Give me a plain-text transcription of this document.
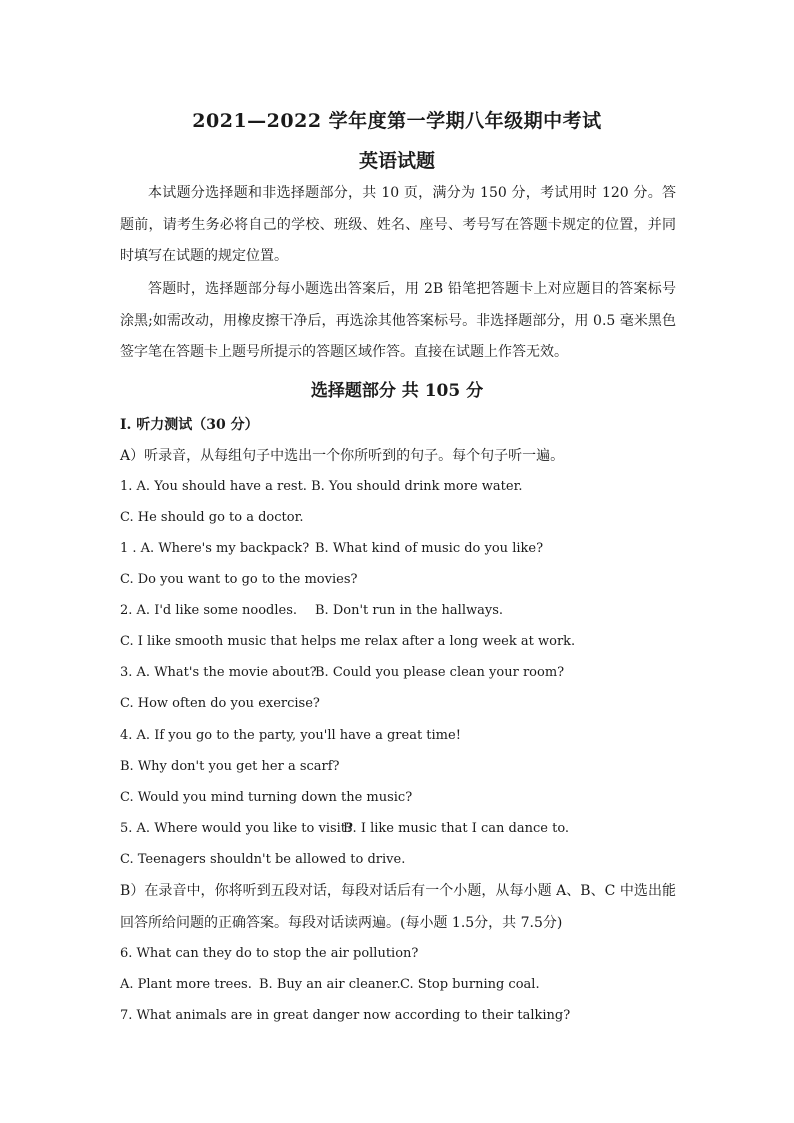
2021—2022 学年度第一学期八年级期中考试
英语试题
本试题分选择题和非选择题部分，共 10 页，满分为 150 分，考试用时 120 分。答题前，请考生务必将自己的学校、班级、姓名、座号、考号写在答题卡规定的位置，并同时填写在试题的规定位置。
答题时，选择题部分每小题选出答案后，用 2B 铅笔把答题卡上对应题目的答案标号涂黑;如需改动，用橡皮擦干净后，再选涂其他答案标号。非选择题部分，用 0.5 毫米黑色签字笔在答题卡上题号所提示的答题区域作答。直接在试题上作答无效。
选择题部分 共 105 分
I. 听力测试（30 分）
A）听录音，从每组句子中选出一个你所听到的句子。每个句子听一遍。
1. A. You should have a rest. B. You should drink more water.
C. He should go to a doctor.
1 . A. Where's my backpack? B. What kind of music do you like?
C. Do you want to go to the movies?
2. A. I'd like some noodles. B. Don't run in the hallways.
C. I like smooth music that helps me relax after a long week at work.
3. A. What's the movie about?
B. Could you please clean your room?
C. How often do you exercise?
4. A. If you go to the party, you'll have a great time!
B. Why don't you get her a scarf?
C. Would you mind turning down the music?
5. A. Where would you like to visit?
B. I like music that I can dance to.
C. Teenagers shouldn't be allowed to drive.
B）在录音中，你将听到五段对话，每段对话后有一个小题，从每小题 A、B、C 中选出能回答所给问题的正确答案。每段对话读两遍。(每小题 1.5分，共 7.5分)
6. What can they do to stop the air pollution?
A. Plant more trees. B. Buy an air cleaner. C. Stop burning coal.
7. What animals are in great danger now according to their talking?
